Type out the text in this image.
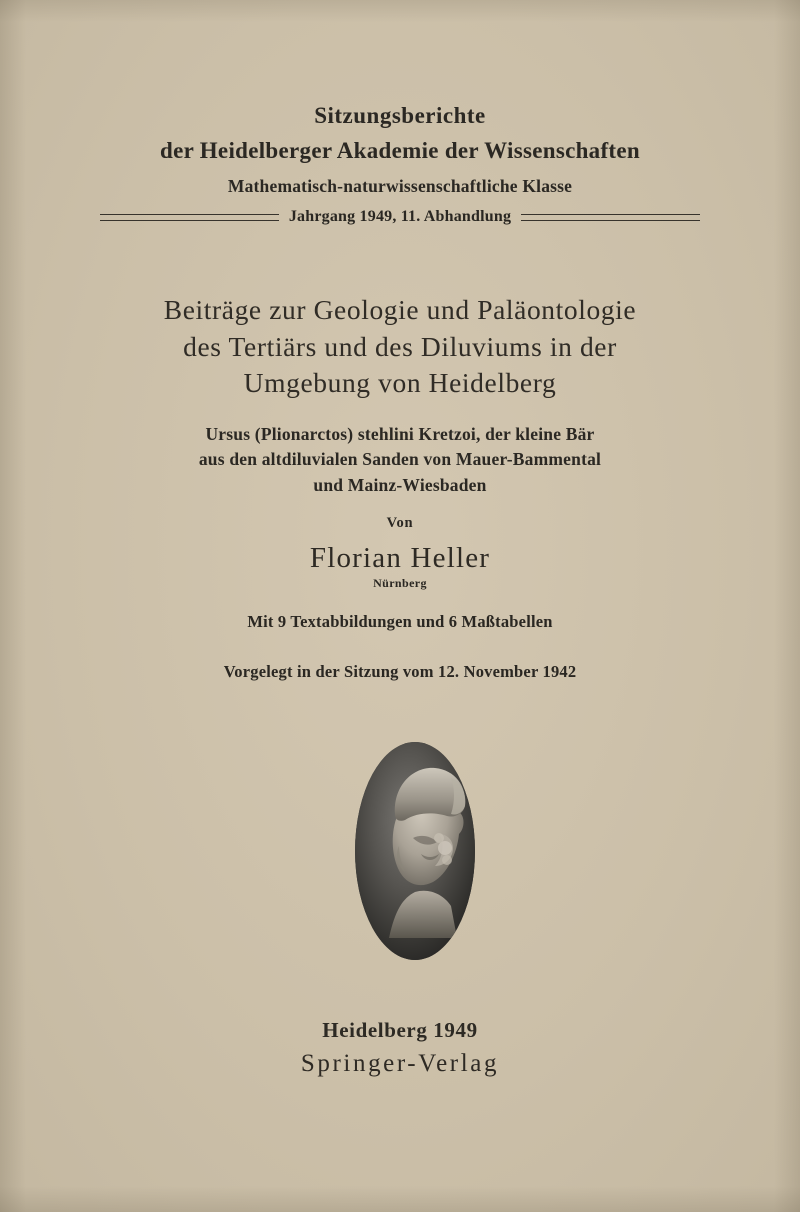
Sitzungsberichte
der Heidelberger Akademie der Wissenschaften
Mathematisch-naturwissenschaftliche Klasse
Jahrgang 1949, 11. Abhandlung
Beiträge zur Geologie und Paläontologie
des Tertiärs und des Diluviums in der
Umgebung von Heidelberg
Ursus (Plionarctos) stehlini Kretzoi, der kleine Bär
aus den altdiluvialen Sanden von Mauer-Bammental
und Mainz-Wiesbaden
Von
Florian Heller
Nürnberg
Mit 9 Textabbildungen und 6 Maßtabellen
Vorgelegt in der Sitzung vom 12. November 1942
Heidelberg 1949
Springer-Verlag
